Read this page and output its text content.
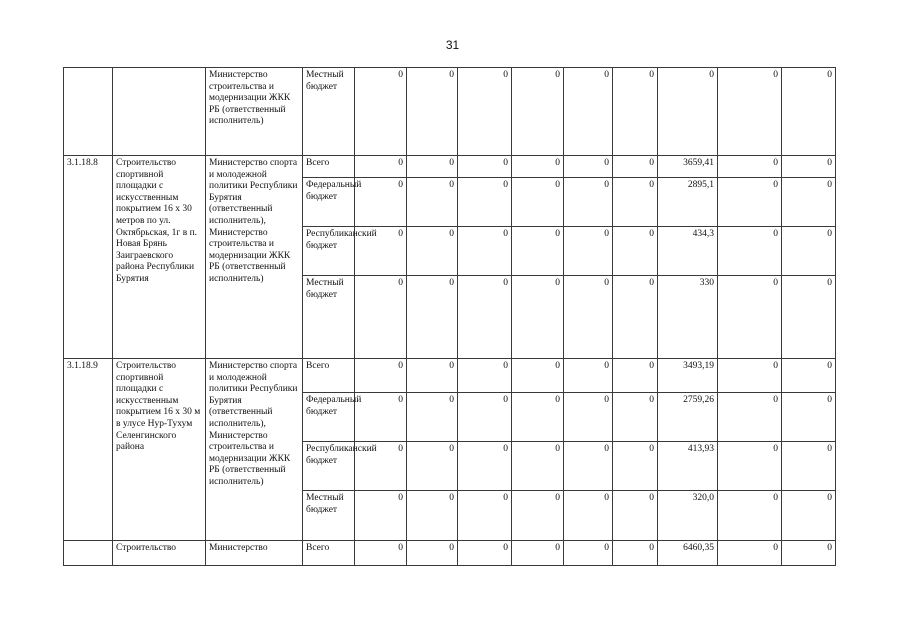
31
		Министерство строительства и модернизации ЖКК РБ (ответственный исполнитель)	Местный бюджет	0	0	0	0	0	0	0	0	0
3.1.18.8	Строительство спортивной площадки с искусственным покрытием 16 х 30 метров по ул. Октябрьская, 1г в п. Новая Брянь Заиграевского района Республики Бурятия	Министерство спорта и молодежной политики Республики Бурятия (ответственный исполнитель), Министерство строительства и модернизации ЖКК РБ (ответственный исполнитель)	Всего	0	0	0	0	0	0	3659,41	0	0
			Федеральный бюджет	0	0	0	0	0	0	2895,1	0	0
			Республиканский бюджет	0	0	0	0	0	0	434,3	0	0
			Местный бюджет	0	0	0	0	0	0	330	0	0
3.1.18.9	Строительство спортивной площадки с искусственным покрытием 16 х 30 м в улусе Нур-Тухум Селенгинского района	Министерство спорта и молодежной политики Республики Бурятия (ответственный исполнитель), Министерство строительства и модернизации ЖКК РБ (ответственный исполнитель)	Всего	0	0	0	0	0	0	3493,19	0	0
			Федеральный бюджет	0	0	0	0	0	0	2759,26	0	0
			Республиканский бюджет	0	0	0	0	0	0	413,93	0	0
			Местный бюджет	0	0	0	0	0	0	320,0	0	0
	Строительство	Министерство	Всего	0	0	0	0	0	0	6460,35	0	0
